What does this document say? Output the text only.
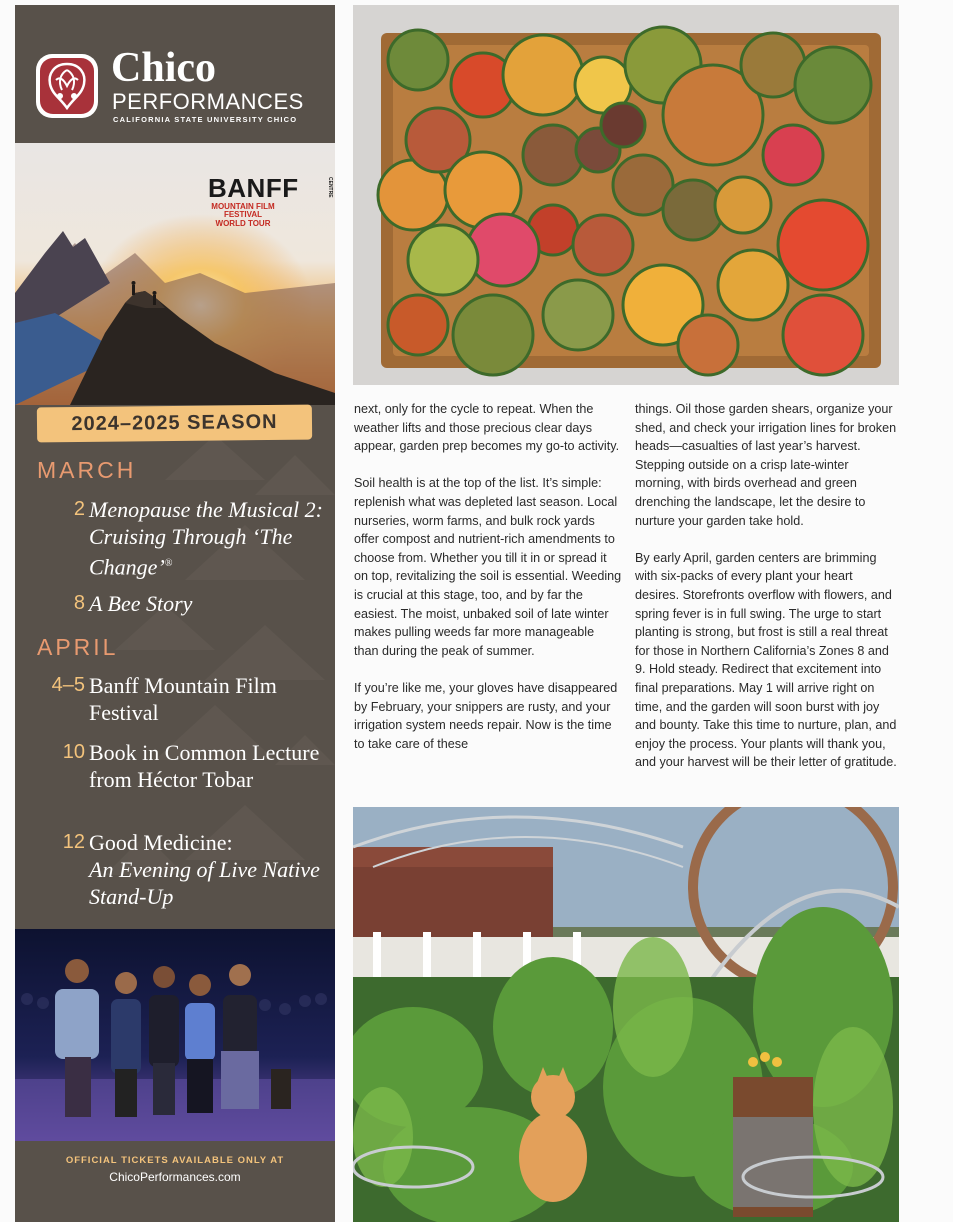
Chico
PERFORMANCES
CALIFORNIA STATE UNIVERSITY CHICO
BANFF	CENTRE
MOUNTAIN FILM FESTIVAL WORLD TOUR
2024–2025 SEASON
MARCH
2 Menopause the Musical 2: Cruising Through ‘The Change’®
8 A Bee Story
APRIL
4–5 Banff Mountain Film Festival
10 Book in Common Lecture from Héctor Tobar
12 Good Medicine:
An Evening of Live Native Stand-Up
OFFICIAL TICKETS AVAILABLE ONLY AT
ChicoPerformances.com

next, only for the cycle to repeat. When the weather lifts and those precious clear days appear, garden prep becomes my go-to activity.

Soil health is at the top of the list. It’s simple: replenish what was depleted last season. Local nurseries, worm farms, and bulk rock yards offer compost and nutrient-rich amendments to choose from. Whether you till it in or spread it on top, revitalizing the soil is essential. Weeding is crucial at this stage, too, and by far the easiest. The moist, unbaked soil of late winter makes pulling weeds far more manageable than during the peak of summer.

If you’re like me, your gloves have disappeared by February, your snippers are rusty, and your irrigation system needs repair. Now is the time to take care of these

things. Oil those garden shears, organize your shed, and check your irrigation lines for broken heads—casualties of last year’s harvest. Stepping outside on a crisp late-winter morning, with birds overhead and green drenching the landscape, let the desire to nurture your garden take hold.

By early April, garden centers are brimming with six-packs of every plant your heart desires. Storefronts overflow with flowers, and spring fever is in full swing. The urge to start planting is strong, but frost is still a real threat for those in Northern California’s Zones 8 and 9. Hold steady. Redirect that excitement into final preparations. May 1 will arrive right on time, and the garden will soon burst with joy and bounty. Take this time to nurture, plan, and enjoy the process. Your plants will thank you, and your harvest will be their letter of gratitude.
